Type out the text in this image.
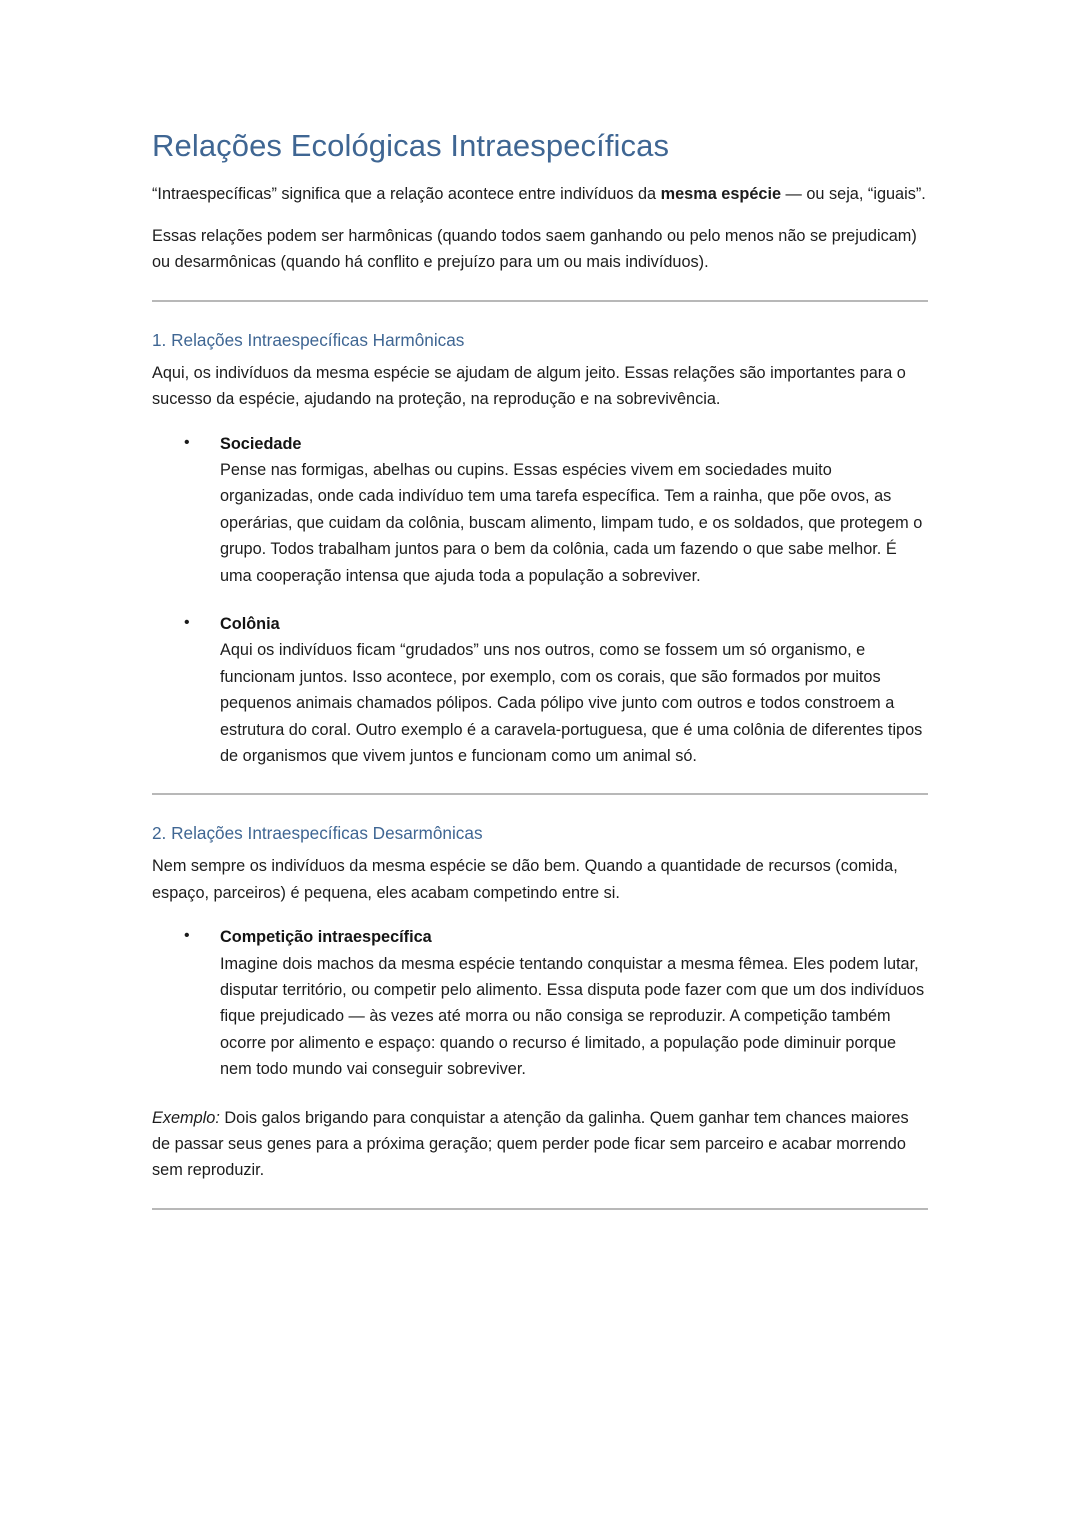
Relações Ecológicas Intraespecíficas

“Intraespecíficas” significa que a relação acontece entre indivíduos da mesma espécie — ou seja, “iguais”.

Essas relações podem ser harmônicas (quando todos saem ganhando ou pelo menos não se prejudicam) ou desarmônicas (quando há conflito e prejuízo para um ou mais indivíduos).

1. Relações Intraespecíficas Harmônicas

Aqui, os indivíduos da mesma espécie se ajudam de algum jeito. Essas relações são importantes para o sucesso da espécie, ajudando na proteção, na reprodução e na sobrevivência.

• Sociedade
Pense nas formigas, abelhas ou cupins. Essas espécies vivem em sociedades muito organizadas, onde cada indivíduo tem uma tarefa específica. Tem a rainha, que põe ovos, as operárias, que cuidam da colônia, buscam alimento, limpam tudo, e os soldados, que protegem o grupo. Todos trabalham juntos para o bem da colônia, cada um fazendo o que sabe melhor. É uma cooperação intensa que ajuda toda a população a sobreviver.
• Colônia
Aqui os indivíduos ficam “grudados” uns nos outros, como se fossem um só organismo, e funcionam juntos. Isso acontece, por exemplo, com os corais, que são formados por muitos pequenos animais chamados pólipos. Cada pólipo vive junto com outros e todos constroem a estrutura do coral. Outro exemplo é a caravela-portuguesa, que é uma colônia de diferentes tipos de organismos que vivem juntos e funcionam como um animal só.
2. Relações Intraespecíficas Desarmônicas

Nem sempre os indivíduos da mesma espécie se dão bem. Quando a quantidade de recursos (comida, espaço, parceiros) é pequena, eles acabam competindo entre si.

• Competição intraespecífica
Imagine dois machos da mesma espécie tentando conquistar a mesma fêmea. Eles podem lutar, disputar território, ou competir pelo alimento. Essa disputa pode fazer com que um dos indivíduos fique prejudicado — às vezes até morra ou não consiga se reproduzir. A competição também ocorre por alimento e espaço: quando o recurso é limitado, a população pode diminuir porque nem todo mundo vai conseguir sobreviver.

Exemplo: Dois galos brigando para conquistar a atenção da galinha. Quem ganhar tem chances maiores de passar seus genes para a próxima geração; quem perder pode ficar sem parceiro e acabar morrendo sem reproduzir.
